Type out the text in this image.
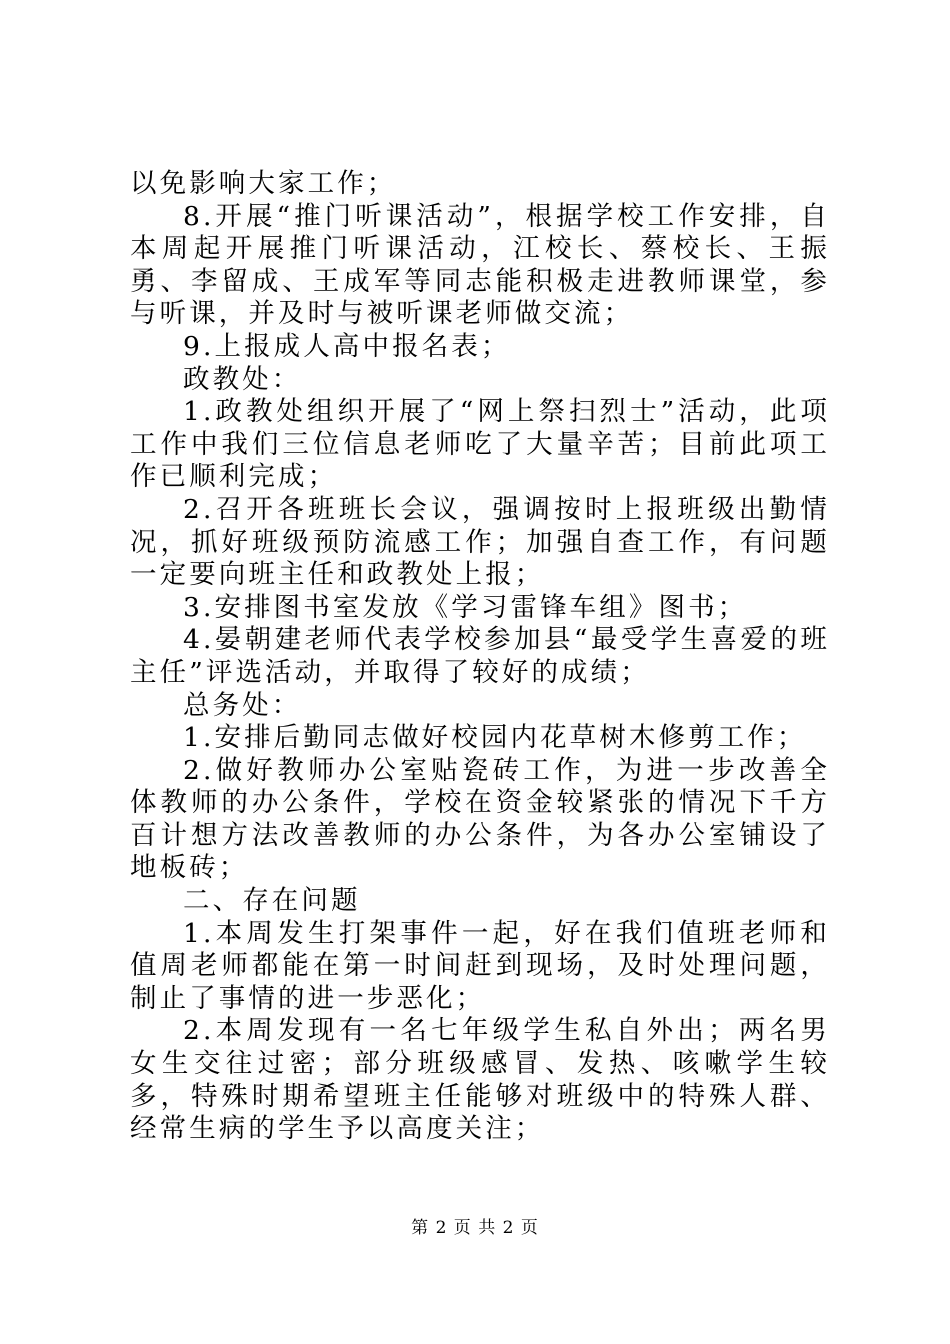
以免影响大家工作；

8.开展“推门听课活动”，根据学校工作安排，自本周起开展推门听课活动，江校长、蔡校长、王振勇、李留成、王成军等同志能积极走进教师课堂，参与听课，并及时与被听课老师做交流；

9.上报成人高中报名表；

政教处：

1.政教处组织开展了“网上祭扫烈士”活动，此项工作中我们三位信息老师吃了大量辛苦；目前此项工作已顺利完成；

2.召开各班班长会议，强调按时上报班级出勤情况，抓好班级预防流感工作；加强自查工作，有问题一定要向班主任和政教处上报；

3.安排图书室发放《学习雷锋车组》图书；

4.晏朝建老师代表学校参加县“最受学生喜爱的班主任”评选活动，并取得了较好的成绩；

总务处：

1.安排后勤同志做好校园内花草树木修剪工作；

2.做好教师办公室贴瓷砖工作，为进一步改善全体教师的办公条件，学校在资金较紧张的情况下千方百计想方法改善教师的办公条件，为各办公室铺设了地板砖；

二、存在问题

1.本周发生打架事件一起，好在我们值班老师和值周老师都能在第一时间赶到现场，及时处理问题，制止了事情的进一步恶化；

2.本周发现有一名七年级学生私自外出；两名男女生交往过密；部分班级感冒、发热、咳嗽学生较多，特殊时期希望班主任能够对班级中的特殊人群、经常生病的学生予以高度关注；

第 2 页 共 2 页
